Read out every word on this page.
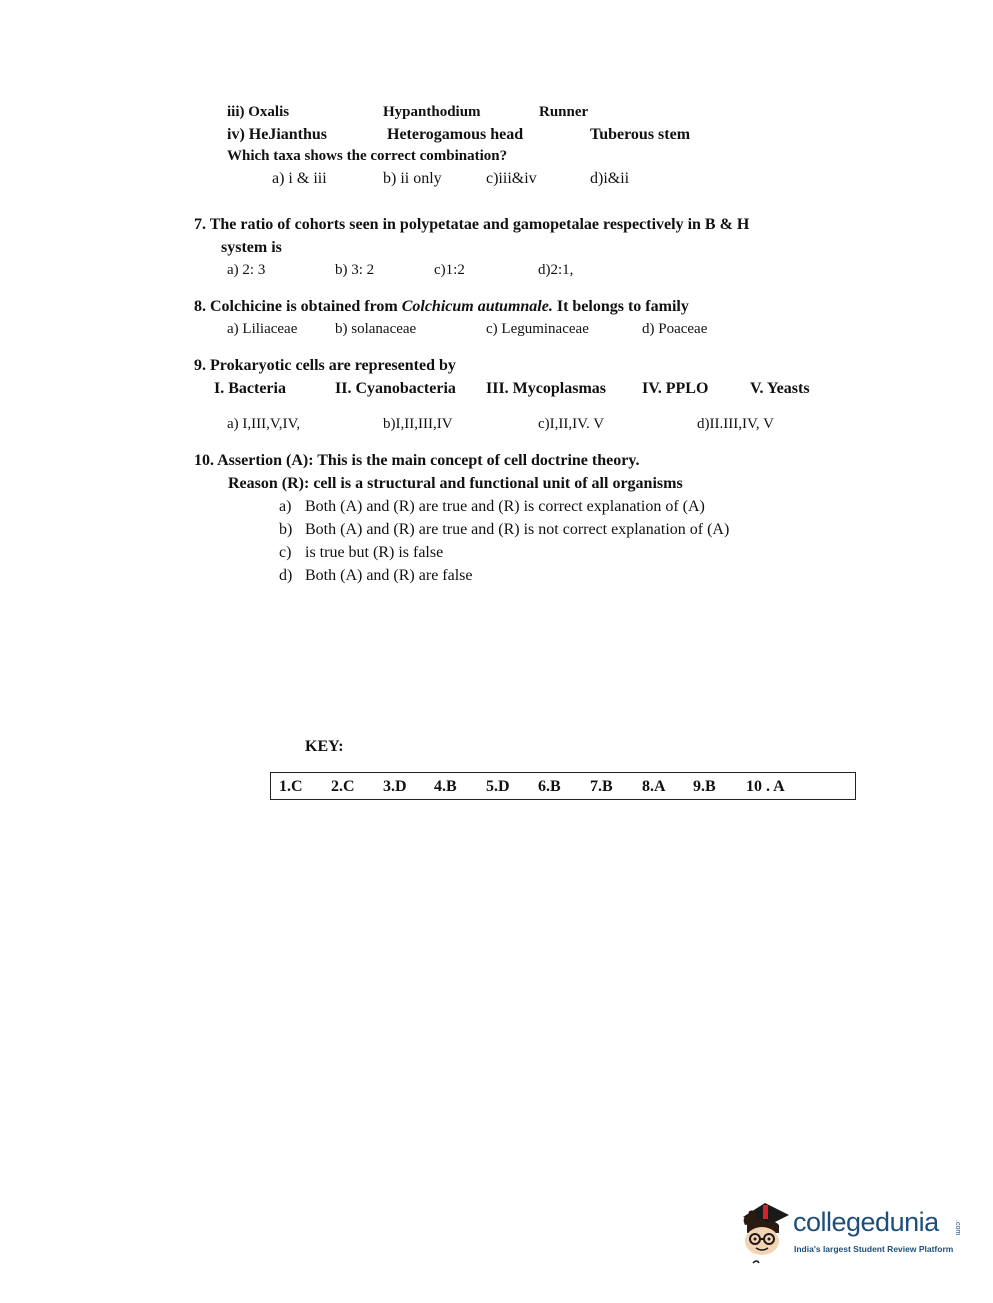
iii) Oxalis	Hypanthodium	Runner
iv) HeJianthus	Heterogamous head	Tuberous stem
Which taxa shows the correct combination?
a) i & iii	b) ii only	c)iii&iv	d)i&ii
7. The ratio of cohorts seen in polypetatae and gamopetalae respectively in B & H
system is
a) 2: 3	b) 3: 2	c)1:2	d)2:1,
8. Colchicine is obtained from Colchicum autumnale. It belongs to family
a) Liliaceae	b) solanaceae	c) Leguminaceae	d) Poaceae
9. Prokaryotic cells are represented by
I. Bacteria	II. Cyanobacteria III. Mycoplasmas IV. PPLO	V. Yeasts
a) I,III,V,IV,	b)I,II,III,IV	c)I,II,IV. V	d)II.III,IV, V
10. Assertion (A): This is the main concept of cell doctrine theory.
Reason (R): cell is a structural and functional unit of all organisms
a) Both (A) and (R) are true and (R) is correct explanation of (A)
b) Both (A) and (R) are true and (R) is not correct explanation of (A)
c) is true but (R) is false
d) Both (A) and (R) are false
KEY:
1.C 2.C 3.D 4.B 5.D 6.B 7.B 8.A 9.B 10 . A
collegedunia .com
India's largest Student Review Platform
